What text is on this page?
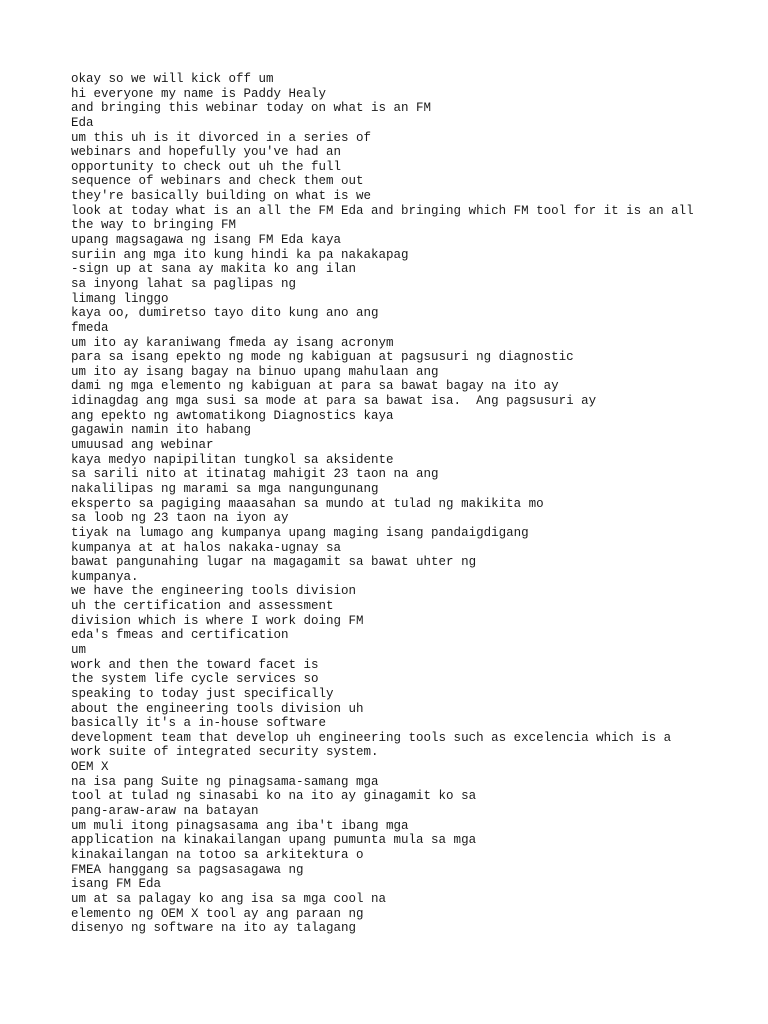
okay so we will kick off um
hi everyone my name is Paddy Healy
and bringing this webinar today on what is an FM
Eda
um this uh is it divorced in a series of
webinars and hopefully you've had an
opportunity to check out uh the full
sequence of webinars and check them out
they're basically building on what is we
look at today what is an all the FM Eda and bringing which FM tool for it is an all
the way to bringing FM
upang magsagawa ng isang FM Eda kaya
suriin ang mga ito kung hindi ka pa nakakapag
-sign up at sana ay makita ko ang ilan
sa inyong lahat sa paglipas ng
limang linggo
kaya oo, dumiretso tayo dito kung ano ang
fmeda
um ito ay karaniwang fmeda ay isang acronym
para sa isang epekto ng mode ng kabiguan at pagsusuri ng diagnostic
um ito ay isang bagay na binuo upang mahulaan ang
dami ng mga elemento ng kabiguan at para sa bawat bagay na ito ay
idinagdag ang mga susi sa mode at para sa bawat isa.  Ang pagsusuri ay
ang epekto ng awtomatikong Diagnostics kaya
gagawin namin ito habang
umuusad ang webinar
kaya medyo napipilitan tungkol sa aksidente
sa sarili nito at itinatag mahigit 23 taon na ang
nakalilipas ng marami sa mga nangungunang
eksperto sa pagiging maaasahan sa mundo at tulad ng makikita mo
sa loob ng 23 taon na iyon ay
tiyak na lumago ang kumpanya upang maging isang pandaigdigang
kumpanya at at halos nakaka-ugnay sa
bawat pangunahing lugar na magagamit sa bawat uhter ng
kumpanya.
we have the engineering tools division
uh the certification and assessment
division which is where I work doing FM
eda's fmeas and certification
um
work and then the toward facet is
the system life cycle services so
speaking to today just specifically
about the engineering tools division uh
basically it's a in-house software
development team that develop uh engineering tools such as excelencia which is a
work suite of integrated security system.
OEM X
na isa pang Suite ng pinagsama-samang mga
tool at tulad ng sinasabi ko na ito ay ginagamit ko sa
pang-araw-araw na batayan
um muli itong pinagsasama ang iba't ibang mga
application na kinakailangan upang pumunta mula sa mga
kinakailangan na totoo sa arkitektura o
FMEA hanggang sa pagsasagawa ng
isang FM Eda
um at sa palagay ko ang isa sa mga cool na
elemento ng OEM X tool ay ang paraan ng
disenyo ng software na ito ay talagang
